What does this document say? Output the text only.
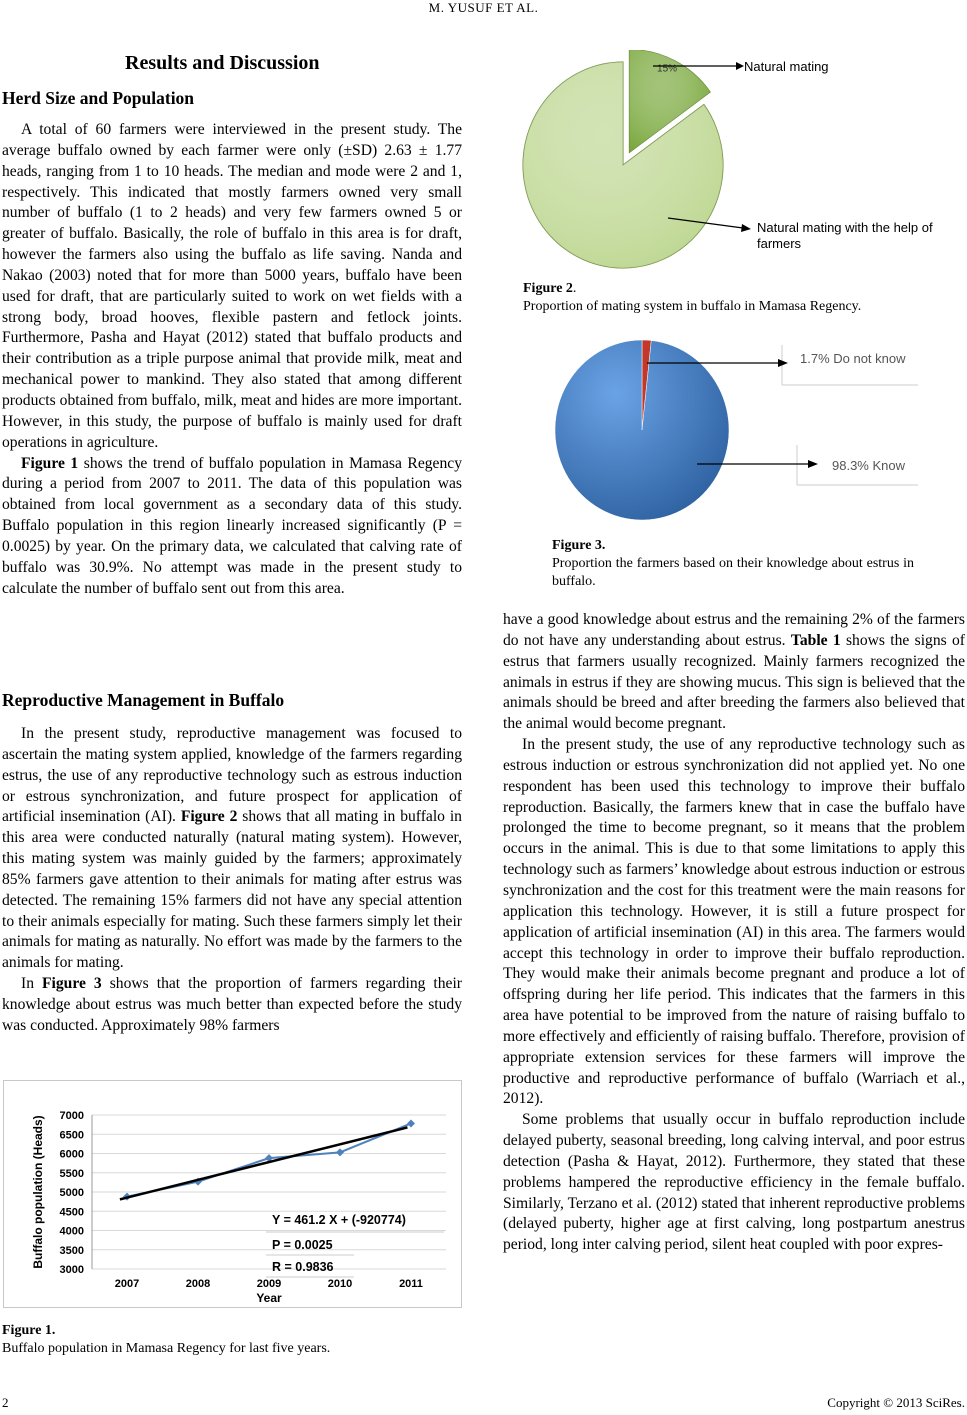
M. YUSUF ET AL.
Results and Discussion
Herd Size and Population

A total of 60 farmers were interviewed in the present study. The average buffalo owned by each farmer were only (±SD) 2.63 ± 1.77 heads, ranging from 1 to 10 heads. The median and mode were 2 and 1, respectively. This indicated that mostly farmers owned very small number of buffalo (1 to 2 heads) and very few farmers owned 5 or greater of buffalo. Basically, the role of buffalo in this area is for draft, however the farmers also using the buffalo as life saving. Nanda and Nakao (2003) noted that for more than 5000 years, buffalo have been used for draft, that are particularly suited to work on wet fields with a strong body, broad hooves, flexible pastern and fetlock joints. Furthermore, Pasha and Hayat (2012) stated that buffalo products and their contribution as a triple purpose animal that provide milk, meat and mechanical power to mankind. They also stated that among different products obtained from buffalo, milk, meat and hides are more important. However, in this study, the purpose of buffalo is mainly used for draft operations in agriculture.

Figure 1 shows the trend of buffalo population in Mamasa Regency during a period from 2007 to 2011. The data of this population was obtained from local government as a secondary data of this study. Buffalo population in this region linearly increased significantly (P = 0.0025) by year. On the primary data, we calculated that calving rate of buffalo was 30.9%. No attempt was made in the present study to calculate the number of buffalo sent out from this area.

Reproductive Management in Buffalo

In the present study, reproductive management was focused to ascertain the mating system applied, knowledge of the farmers regarding estrus, the use of any reproductive technology such as estrous induction or estrous synchronization, and future prospect for application of artificial insemination (AI). Figure 2 shows that all mating in buffalo in this area were conducted naturally (natural mating system). However, this mating system was mainly guided by the farmers; approximately 85% farmers gave attention to their animals for mating after estrus was detected. The remaining 15% farmers did not have any special attention to their animals especially for mating. Such these farmers simply let their animals for mating as naturally. No effort was made by the farmers to the animals for mating.

In Figure 3 shows that the proportion of farmers regarding their knowledge about estrus was much better than expected before the study was conducted. Approximately 98% farmers

3000
3500
4000
4500
5000
5500
6000
6500
7000
2007	2008	2009	2010	2011
Year
Buffalo population (Heads)	Y = 461.2 X + (-920774)
P = 0.0025
R = 0.9836
Figure 1.
Buffalo population in Mamasa Regency for last five years.
15%	Natural mating
Natural mating with the help of farmers
Figure 2.
Proportion of mating system in buffalo in Mamasa Regency.
1.7% Do not know
98.3% Know
Figure 3.
Proportion the farmers based on their knowledge about estrus in buffalo.

have a good knowledge about estrus and the remaining 2% of the farmers do not have any understanding about estrus. Table 1 shows the signs of estrus that farmers usually recognized. Mainly farmers recognized the animals in estrus if they are showing mucus. This sign is believed that the animals should be breed and after breeding the farmers also believed that the animal would become pregnant.

In the present study, the use of any reproductive technology such as estrous induction or estrous synchronization did not applied yet. No one respondent has been used this technology to improve their buffalo reproduction. Basically, the farmers knew that in case the buffalo have prolonged the time to become pregnant, so it means that the problem occurs in the animal. This is due to that some limitations to apply this technology such as farmers’ knowledge about estrous induction or estrous synchronization and the cost for this treatment were the main reasons for application this technology. However, it is still a future prospect for application of artificial insemination (AI) in this area. The farmers would accept this technology in order to improve their buffalo reproduction. They would make their animals become pregnant and produce a lot of offspring during her life period. This indicates that the farmers in this area have potential to be improved from the nature of raising buffalo to more effectively and efficiently of raising buffalo. Therefore, provision of appropriate extension services for these farmers will improve the productive and reproductive performance of buffalo (Warriach et al., 2012).

Some problems that usually occur in buffalo reproduction include delayed puberty, seasonal breeding, long calving interval, and poor estrus detection (Pasha & Hayat, 2012). Furthermore, they stated that these problems hampered the reproductive efficiency in the female buffalo. Similarly, Terzano et al. (2012) stated that inherent reproductive problems (delayed puberty, higher age at first calving, long postpartum anestrus period, long inter calving period, silent heat coupled with poor expres-

2	Copyright © 2013 SciRes.
